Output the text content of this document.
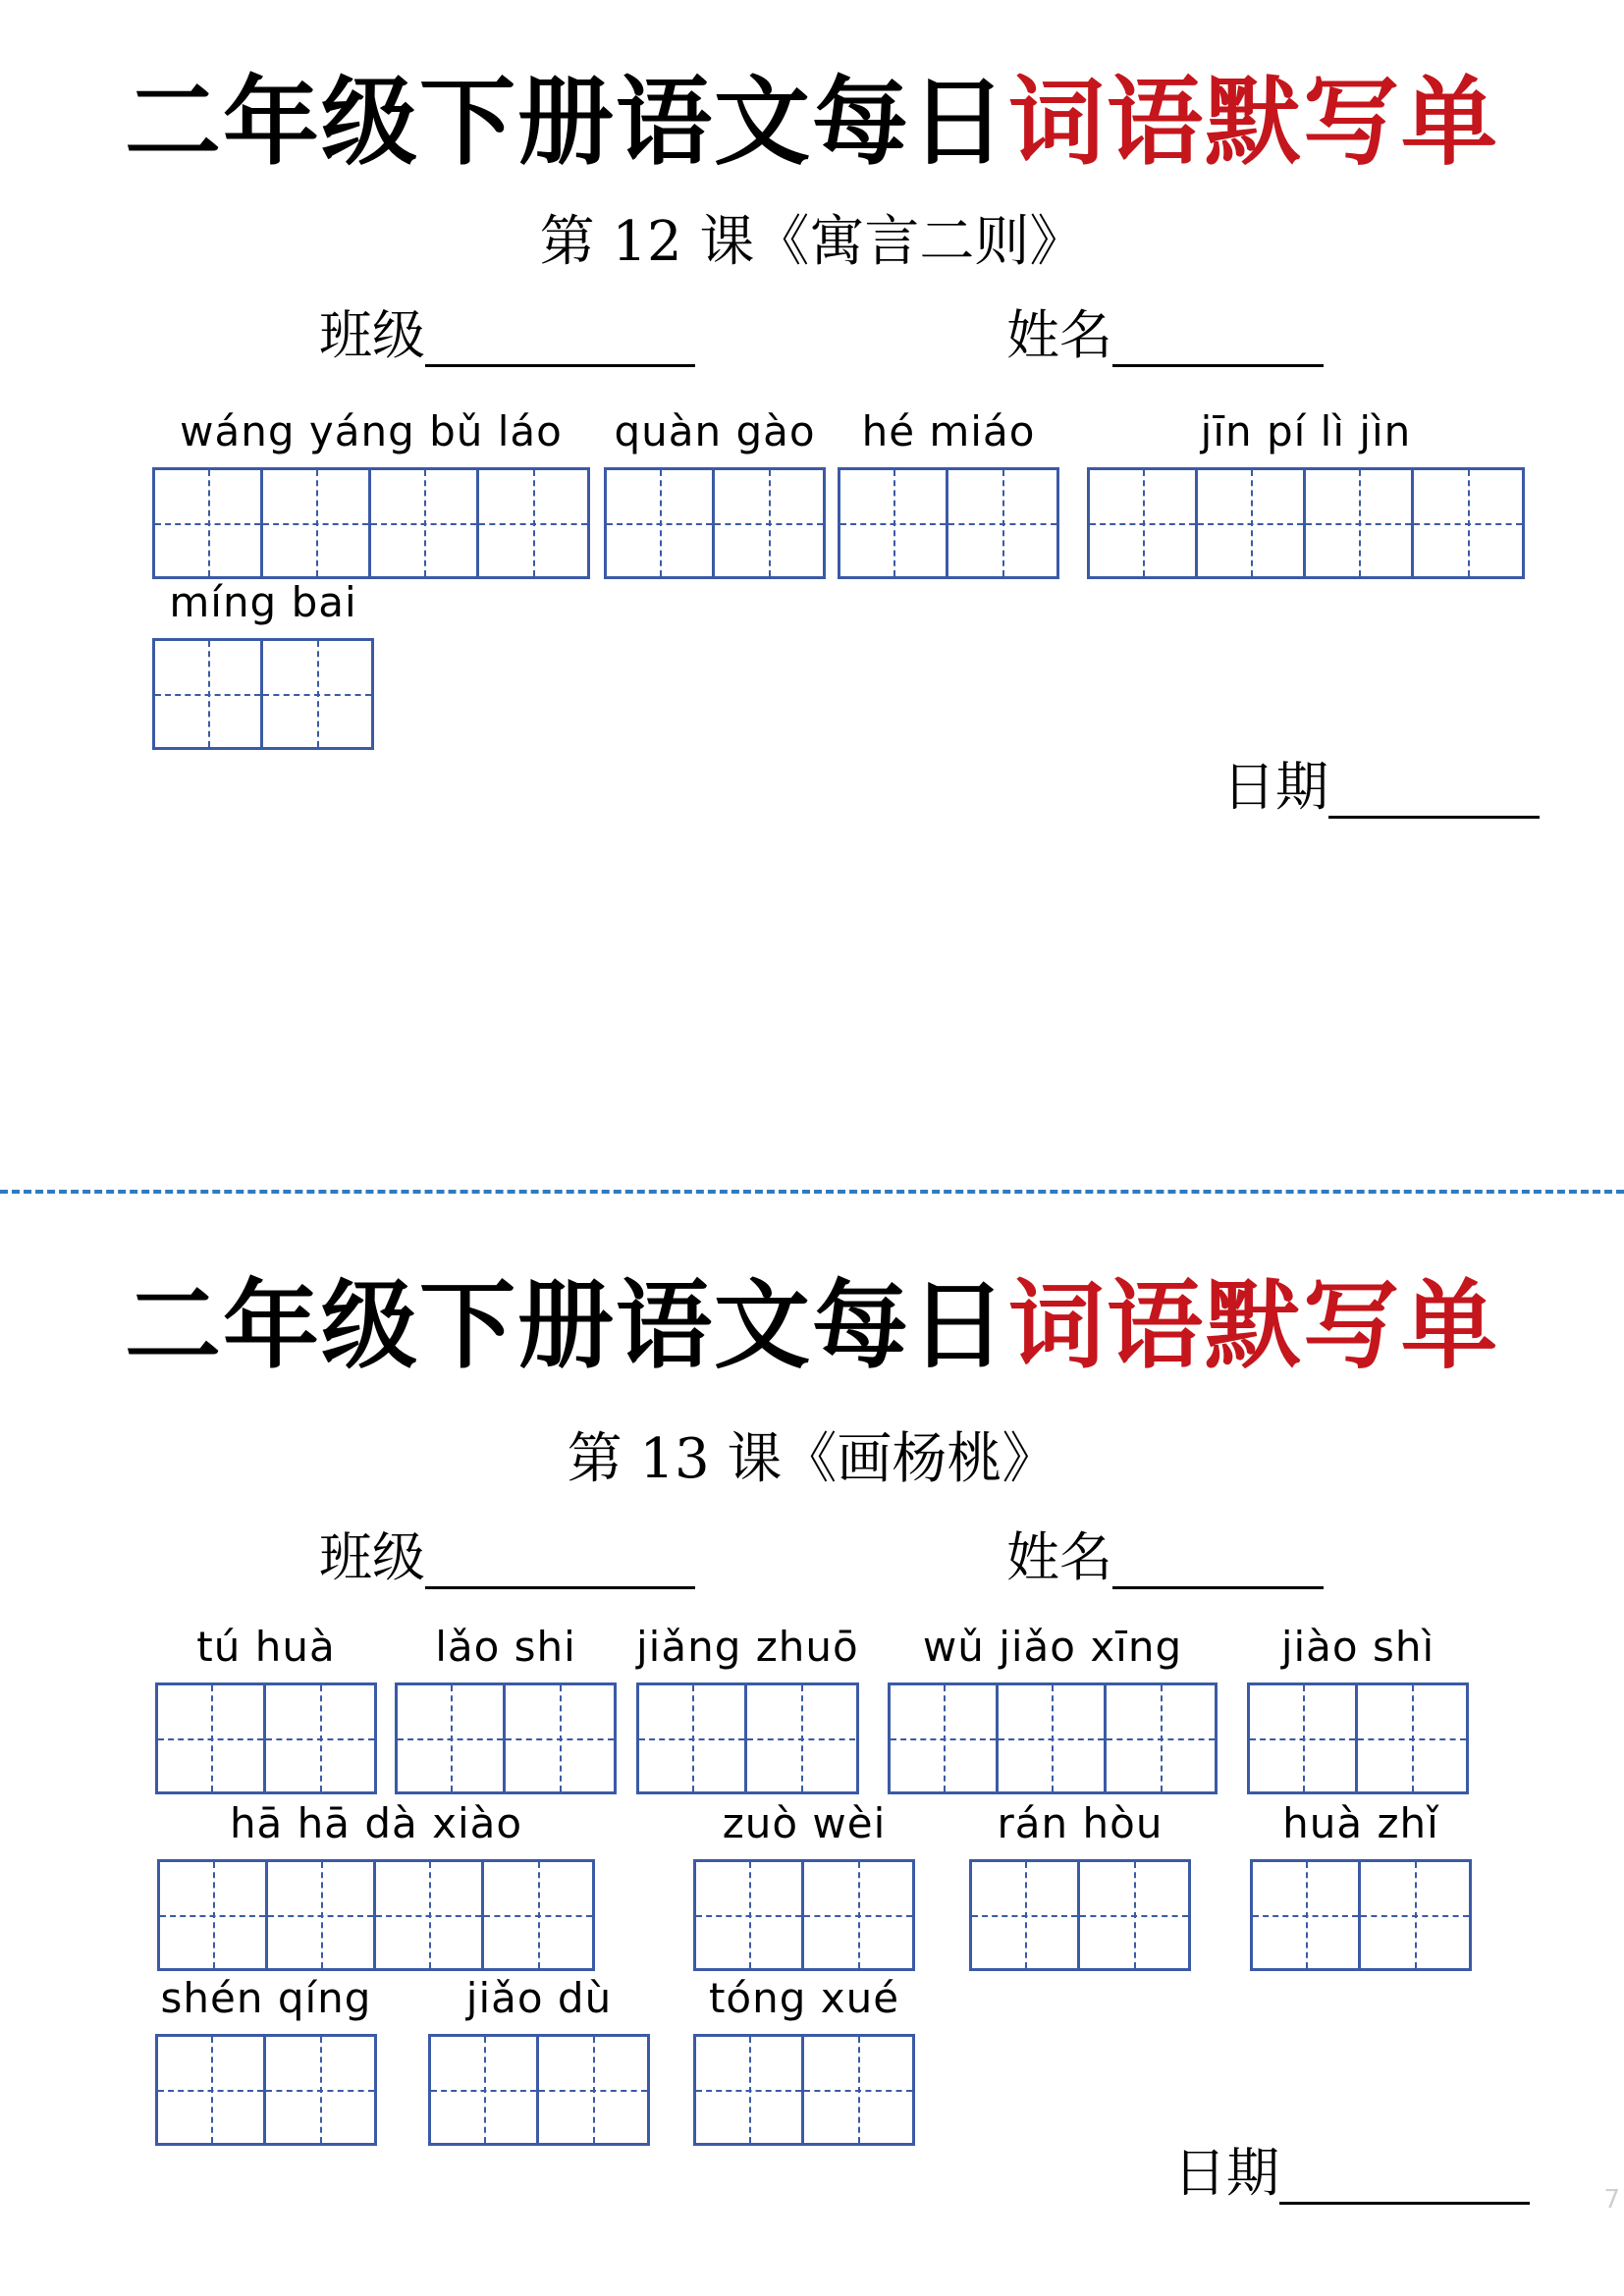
二年级下册语文每日词语默写单
第 12 课《寓言二则》
班级	姓名
wáng yáng bǔ láo	quàn gào	hé miáo	jīn pí lì jìn
míng bai
日期
二年级下册语文每日词语默写单
第 13 课《画杨桃》
班级	姓名
tú huà	lǎo shi	jiǎng zhuō	wǔ jiǎo xīng	jiào shì
hā hā dà xiào	zuò wèi	rán hòu	huà zhǐ
shén qíng	jiǎo dù	tóng xué
日期	7
